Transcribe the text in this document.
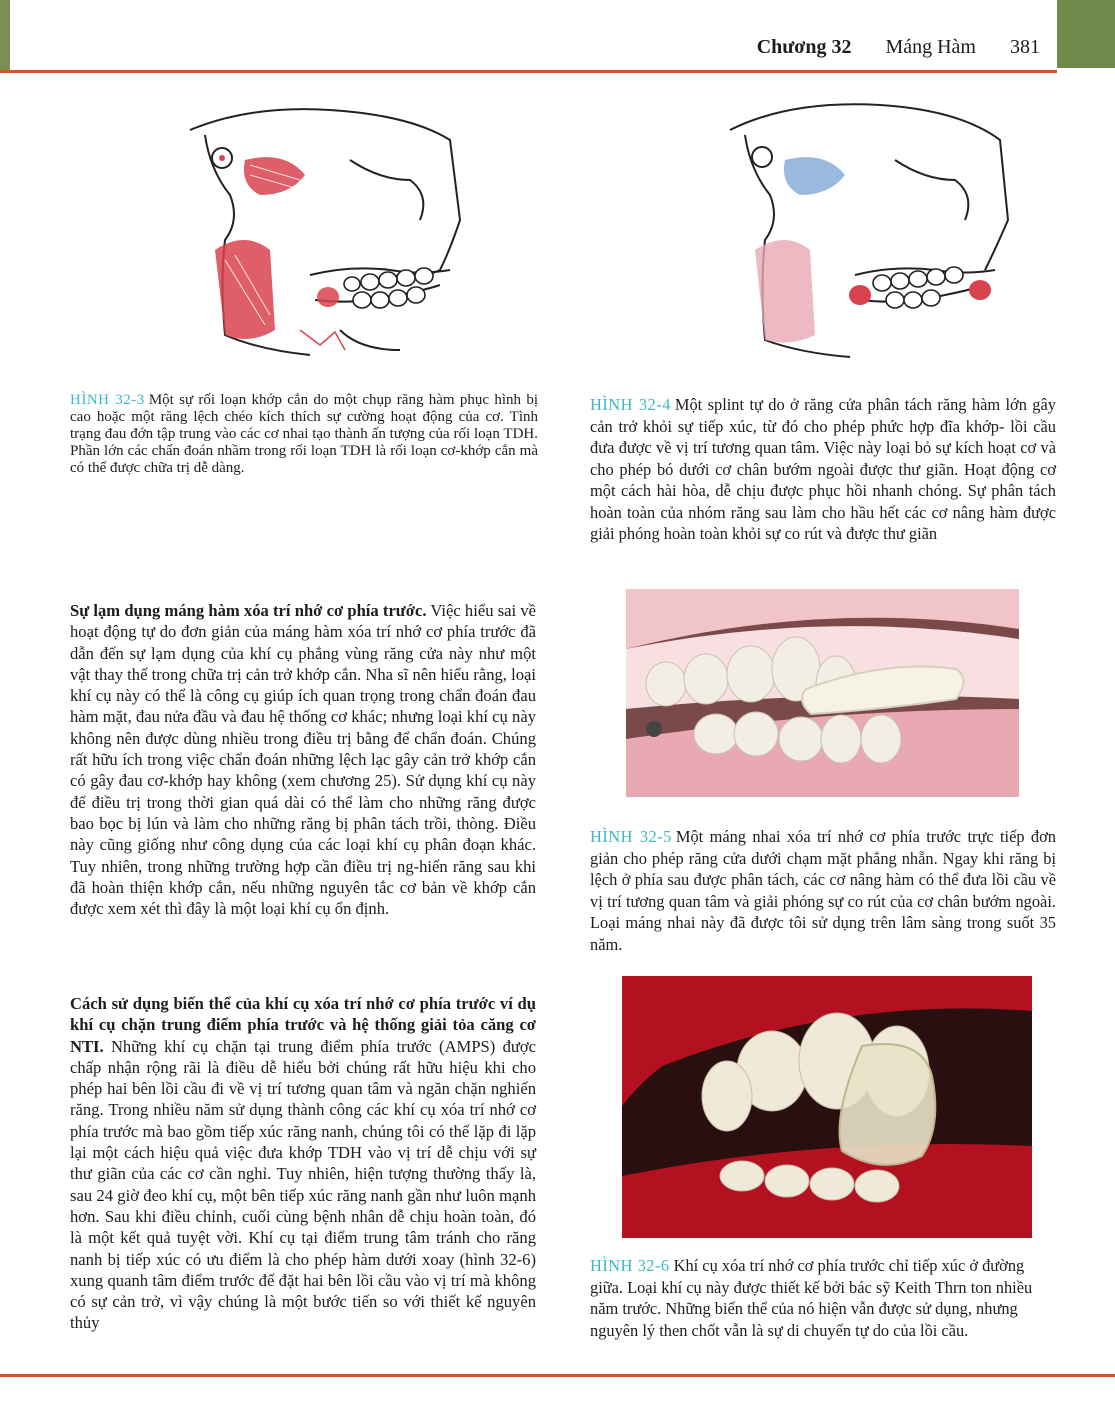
Chương 32 Máng Hàm 381
HÌNH 32-3 Một sự rối loạn khớp cắn do một chụp răng hàm phục hình bị cao hoặc một răng lệch chéo kích thích sự cường hoạt động của cơ. Tình trạng đau đớn tập trung vào các cơ nhai tạo thành ấn tượng của rối loạn TDH. Phần lớn các chẩn đoán nhầm trong rối loạn TDH là rối loạn cơ-khớp cắn mà có thể được chữa trị dễ dàng.
HÌNH 32-4 Một splint tự do ở răng cửa phân tách răng hàm lớn gây cản trở khỏi sự tiếp xúc, từ đó cho phép phức hợp đĩa khớp- lồi cầu đưa được về vị trí tương quan tâm. Việc này loại bỏ sự kích hoạt cơ và cho phép bó dưới cơ chân bướm ngoài được thư giãn. Hoạt động cơ một cách hài hòa, dễ chịu được phục hồi nhanh chóng. Sự phân tách hoàn toàn của nhóm răng sau làm cho hầu hết các cơ nâng hàm được giải phóng hoàn toàn khỏi sự co rút và được thư giãn
HÌNH 32-5 Một máng nhai xóa trí nhớ cơ phía trước trực tiếp đơn giản cho phép răng cửa dưới chạm mặt phẳng nhẵn. Ngay khi răng bị lệch ở phía sau được phân tách, các cơ nâng hàm có thể đưa lồi cầu về vị trí tương quan tâm và giải phóng sự co rút của cơ chân bướm ngoài. Loại máng nhai này đã được tôi sử dụng trên lâm sàng trong suốt 35 năm.
HÌNH 32-6 Khí cụ xóa trí nhớ cơ phía trước chỉ tiếp xúc ở đường giữa. Loại khí cụ này được thiết kế bởi bác sỹ Keith Thrn ton nhiều năm trước. Những biến thể của nó hiện vẫn được sử dụng, nhưng nguyên lý then chốt vẫn là sự di chuyển tự do của lồi cầu.
Sự lạm dụng máng hàm xóa trí nhớ cơ phía trước. Việc hiểu sai về hoạt động tự do đơn giản của máng hàm xóa trí nhớ cơ phía trước đã dẫn đến sự lạm dụng của khí cụ phẳng vùng răng cửa này như một vật thay thế trong chữa trị cản trở khớp cắn. Nha sĩ nên hiểu rằng, loại khí cụ này có thể là công cụ giúp ích quan trọng trong chẩn đoán đau hàm mặt, đau nửa đầu và đau hệ thống cơ khác; nhưng loại khí cụ này không nên được dùng nhiều trong điều trị bằng để chẩn đoán. Chúng rất hữu ích trong việc chẩn đoán những lệch lạc gây cản trở khớp cắn có gây đau cơ-khớp hay không (xem chương 25). Sử dụng khí cụ này để điều trị trong thời gian quá dài có thể làm cho những răng được bao bọc bị lún và làm cho những răng bị phân tách trồi, thòng. Điều này cũng giống như công dụng của các loại khí cụ phân đoạn khác. Tuy nhiên, trong những trường hợp cần điều trị ng-hiến răng sau khi đã hoàn thiện khớp cắn, nếu những nguyên tắc cơ bản về khớp cắn được xem xét thì đây là một loại khí cụ ổn định.
Cách sử dụng biến thể của khí cụ xóa trí nhớ cơ phía trước ví dụ khí cụ chặn trung điểm phía trước và hệ thống giải tỏa căng cơ NTI. Những khí cụ chặn tại trung điểm phía trước (AMPS) được chấp nhận rộng rãi là điều dễ hiểu bởi chúng rất hữu hiệu khi cho phép hai bên lồi cầu đi về vị trí tương quan tâm và ngăn chặn nghiến răng. Trong nhiều năm sử dụng thành công các khí cụ xóa trí nhớ cơ phía trước mà bao gồm tiếp xúc răng nanh, chúng tôi có thể lặp đi lặp lại một cách hiệu quả việc đưa khớp TDH vào vị trí dễ chịu với sự thư giãn của các cơ cần nghỉ. Tuy nhiên, hiện tượng thường thấy là, sau 24 giờ đeo khí cụ, một bên tiếp xúc răng nanh gần như luôn mạnh hơn. Sau khi điều chỉnh, cuối cùng bệnh nhân dễ chịu hoàn toàn, đó là một kết quả tuyệt vời. Khí cụ tại điểm trung tâm tránh cho răng nanh bị tiếp xúc có ưu điểm là cho phép hàm dưới xoay (hình 32-6) xung quanh tâm điểm trước để đặt hai bên lồi cầu vào vị trí mà không có sự cản trở, vì vậy chúng là một bước tiến so với thiết kế nguyên thủy
